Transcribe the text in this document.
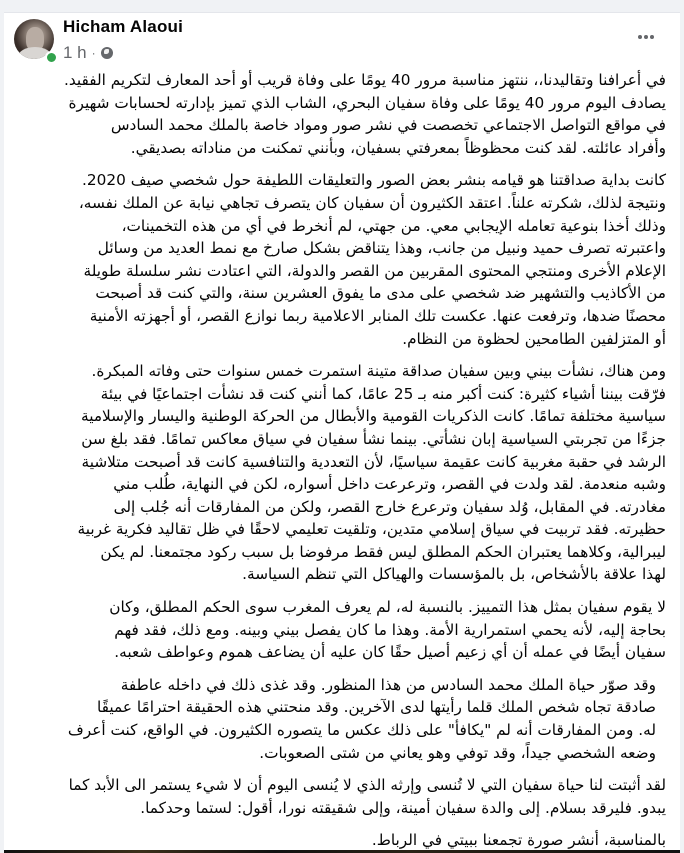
Hicham Alaoui
1 h ·

في أعرافنا وتقاليدنا،، ننتهز مناسبة مرور 40 يومًا على وفاة قريب أو أحد المعارف لتكريم الفقيد.

يصادف اليوم مرور 40 يومًا على وفاة سفيان البحري، الشاب الذي تميز بإدارته لحسابات شهيرة

في مواقع التواصل الاجتماعي تخصصت في نشر صور ومواد خاصة بالملك محمد السادس

وأفراد عائلته. لقد كنت محظوظاً بمعرفتي بسفيان، وبأنني تمكنت من مناداته بصديقي.

كانت بداية صداقتنا هو قيامه بنشر بعض الصور والتعليقات اللطيفة حول شخصي صيف 2020.

ونتيجة لذلك، شكرته علناً. اعتقد الكثيرون أن سفيان كان يتصرف تجاهي نيابة عن الملك نفسه،

وذلك أخذا بنوعية تعامله الإيجابي معي. من جهتي، لم أنخرط في أي من هذه التخمينات،

واعتبرته تصرف حميد ونبيل من جانب، وهذا يتناقض بشكل صارخ مع نمط العديد من وسائل

الإعلام الأخرى ومنتجي المحتوى المقربين من القصر والدولة، التي اعتادت نشر سلسلة طويلة

من الأكاذيب والتشهير ضد شخصي على مدى ما يفوق العشرين سنة، والتي كنت قد أصبحت

محصنًا ضدها، وترفعت عنها. عكست تلك المنابر الاعلامية ربما نوازع القصر، أو أجهزته الأمنية

أو المتزلفين الطامحين لحظوة من النظام.

ومن هناك، نشأت بيني وبين سفيان صداقة متينة استمرت خمس سنوات حتى وفاته المبكرة.

فرّقت بيننا أشياء كثيرة: كنت أكبر منه بـ 25 عامًا، كما أنني كنت قد نشأت اجتماعيًا في بيئة

سياسية مختلفة تمامًا. كانت الذكريات القومية والأبطال من الحركة الوطنية واليسار والإسلامية

جزءًا من تجربتي السياسية إبان نشأتي. بينما نشأ سفيان في سياق معاكس تمامًا. فقد بلغ سن

الرشد في حقبة مغربية كانت عقيمة سياسيًا، لأن التعددية والتنافسية كانت قد أصبحت متلاشية

وشبه منعدمة. لقد ولدت في القصر، وترعرعت داخل أسواره، لكن في النهاية، طُلب مني

مغادرته. في المقابل، وُلد سفيان وترعرع خارج القصر، ولكن من المفارقات أنه جُلب إلى

حظيرته. فقد تربيت في سياق إسلامي متدين، وتلقيت تعليمي لاحقًا في ظل تقاليد فكرية غربية

ليبرالية، وكلاهما يعتبران الحكم المطلق ليس فقط مرفوضا بل سبب ركود مجتمعنا. لم يكن

لهذا علاقة بالأشخاص، بل بالمؤسسات والهياكل التي تنظم السياسة.

لا يقوم سفيان بمثل هذا التمييز. بالنسبة له، لم يعرف المغرب سوى الحكم المطلق، وكان

بحاجة إليه، لأنه يحمي استمرارية الأمة. وهذا ما كان يفصل بيني وبينه. ومع ذلك، فقد فهم

سفيان أيضًا في عمله أن أي زعيم أصيل حقًا كان عليه أن يضاعف هموم وعواطف شعبه.

وقد صوّر حياة الملك محمد السادس من هذا المنظور. وقد غذى ذلك في داخله عاطفة

صادقة تجاه شخص الملك قلما رأيتها لدى الآخرين. وقد منحتني هذه الحقيقة احترامًا عميقًا

له. ومن المفارقات أنه لم "يكافأ" على ذلك عكس ما يتصوره الكثيرون. في الواقع، كنت أعرف

وضعه الشخصي جيداً، وقد توفي وهو يعاني من شتى الصعوبات.

لقد أثبتت لنا حياة سفيان التي لا تُنسى وإرثه الذي لا يُنسى اليوم أن لا شيء يستمر الى الأبد كما

يبدو. فليرقد بسلام. إلى والدة سفيان أمينة، وإلى شقيقته نورا، أقول: لستما وحدكما.

بالمناسبة، أنشر صورة تجمعنا ببيتي في الرباط.
